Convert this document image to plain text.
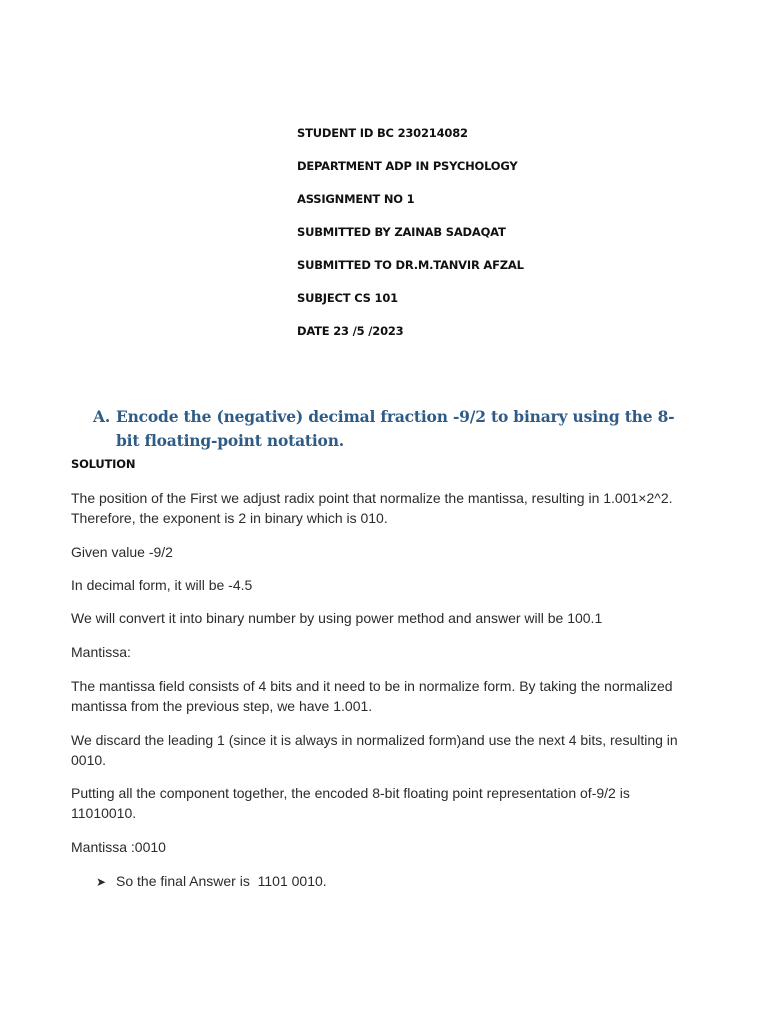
STUDENT ID BC 230214082
DEPARTMENT ADP IN PSYCHOLOGY
ASSIGNMENT NO 1
SUBMITTED BY ZAINAB SADAQAT
SUBMITTED TO DR.M.TANVIR AFZAL
SUBJECT CS 101
DATE 23 /5 /2023
A. Encode the (negative) decimal fraction -9/2 to binary using the 8-bit floating-point notation.
SOLUTION
The position of the First we adjust radix point that normalize the mantissa, resulting in 1.001×2^2. Therefore, the exponent is 2 in binary which is 010.
Given value -9/2
In decimal form, it will be -4.5
We will convert it into binary number by using power method and answer will be 100.1
Mantissa:
The mantissa field consists of 4 bits and it need to be in normalize form. By taking the normalized mantissa from the previous step, we have 1.001.
We discard the leading 1 (since it is always in normalized form)and use the next 4 bits, resulting in 0010.
Putting all the component together, the encoded 8-bit floating point representation of-9/2 is 11010010.
Mantissa :0010
➤ So the final Answer is  1101 0010.
